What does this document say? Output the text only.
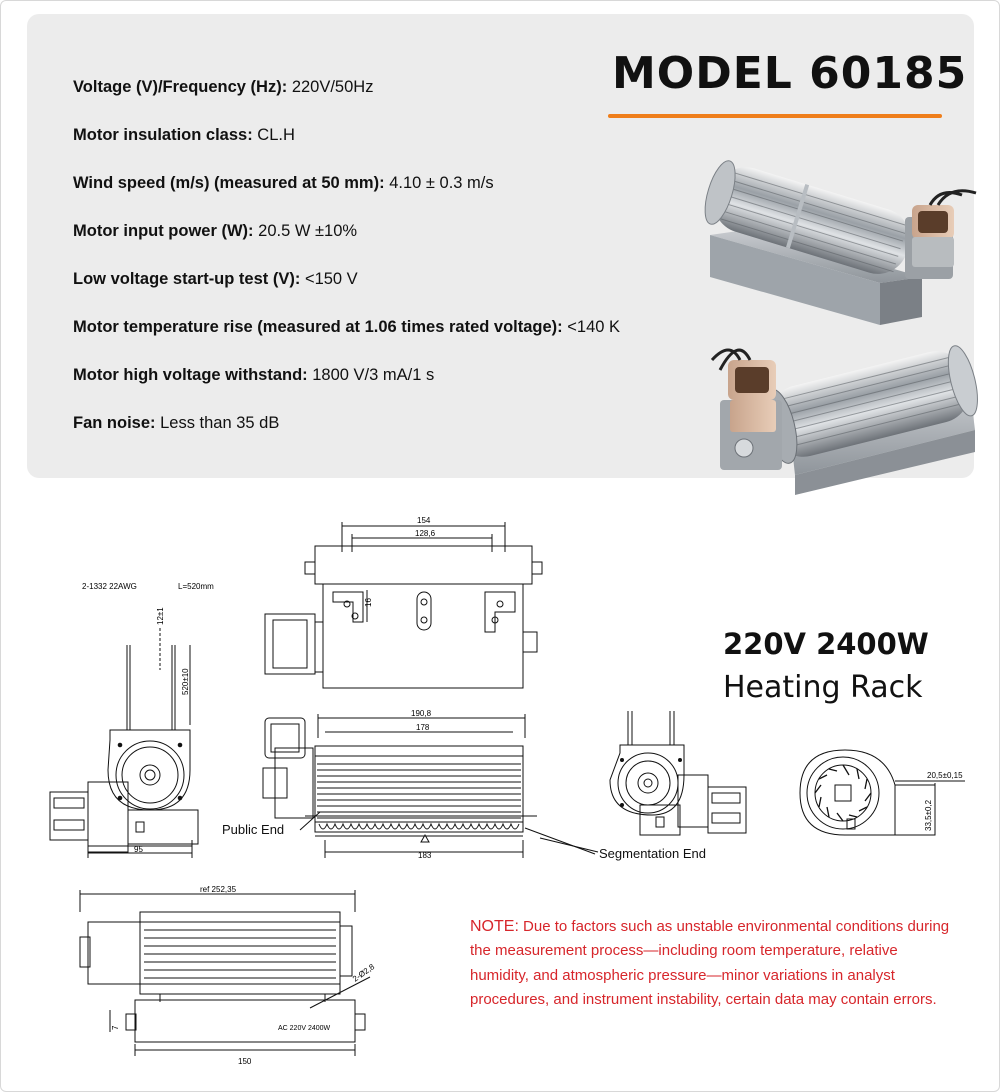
Voltage (V)/Frequency (Hz): 220V/50Hz
Motor insulation class: CL.H
Wind speed (m/s) (measured at 50 mm): 4.10 ± 0.3 m/s
Motor input power (W): 20.5 W ±10%
Low voltage start-up test (V): <150 V
Motor temperature rise (measured at 1.06 times rated voltage): <140 K
Motor high voltage withstand: 1800 V/3 mA/1 s
Fan noise: Less than 35 dB
MODEL 60185
2-1332 22AWG	L=520mm
12±1
520±10
95
154
128,6
16
190,8
178
183
Public End
Segmentation End
20,5±0,15
33,5±0,2
220V 2400W
Heating Rack
ref 252,35
150
7
2-Ø2,8
AC 220V 2400W
NOTE: Due to factors such as unstable environmental conditions during the measurement process—including room temperature, relative humidity, and atmospheric pressure—minor variations in analyst procedures, and instrument instability, certain data may contain errors.
